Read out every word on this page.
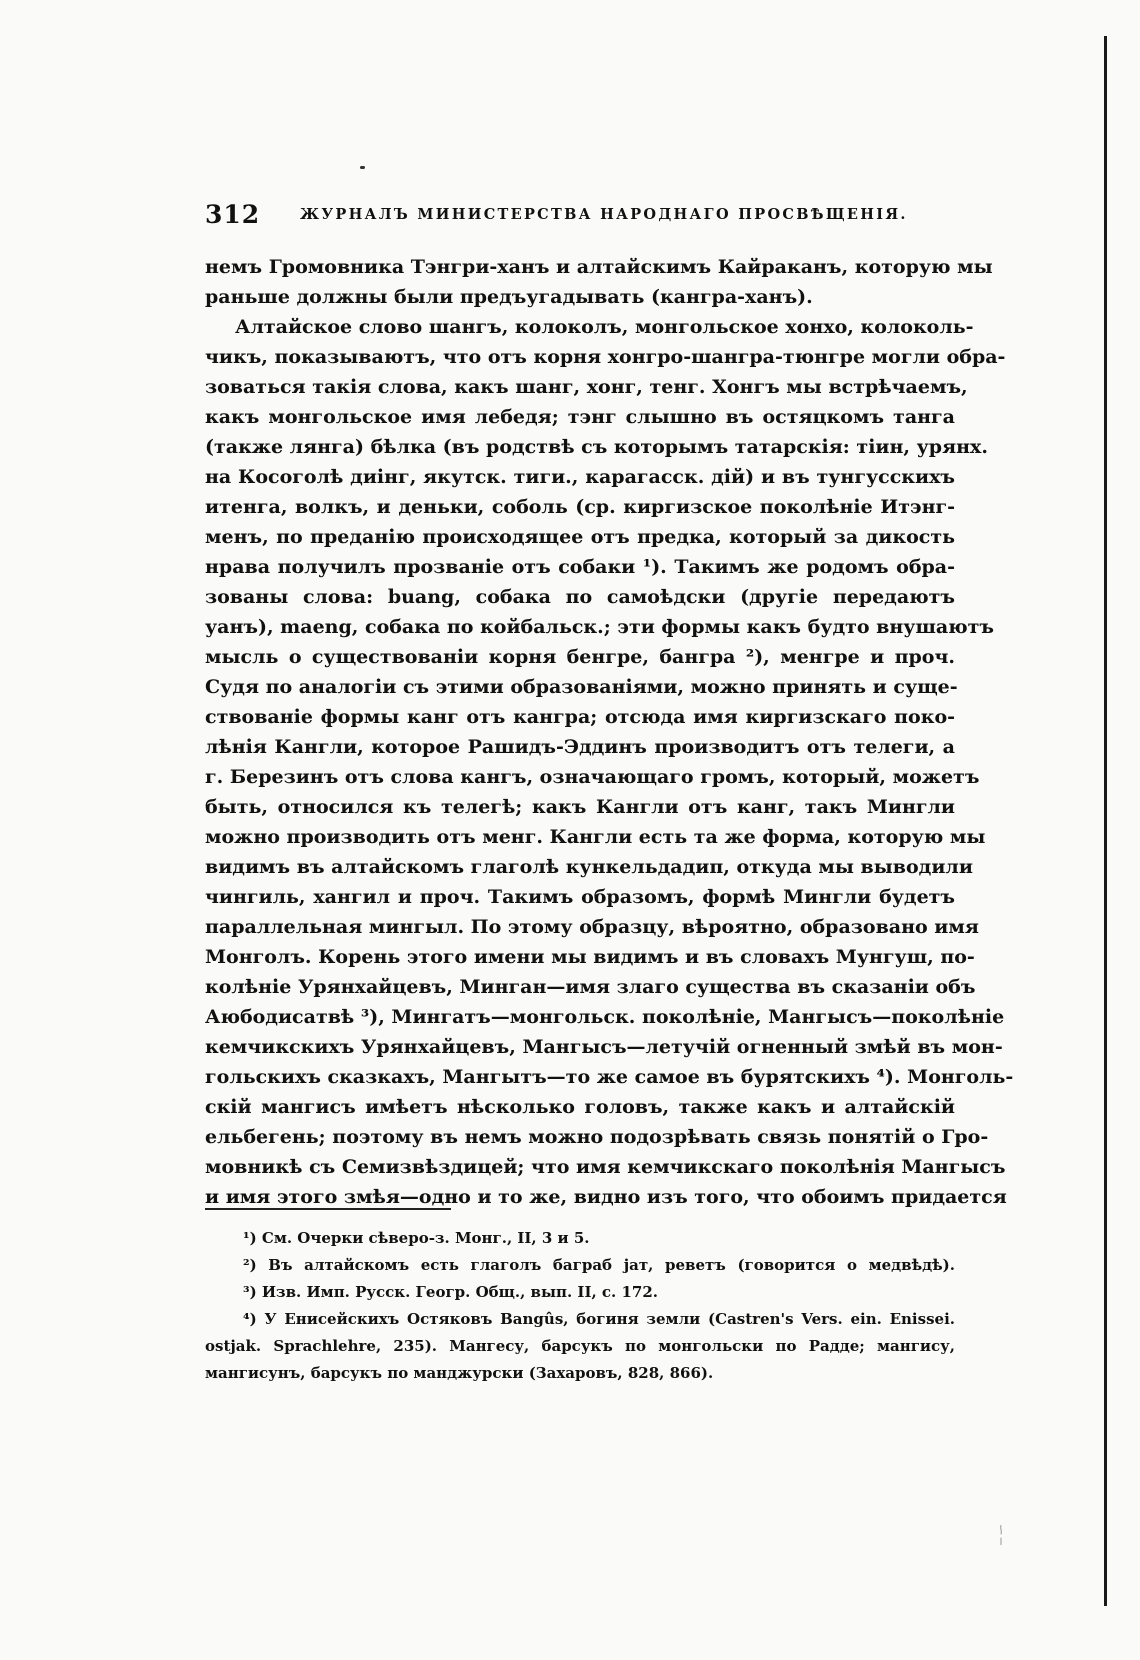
312	ЖУРНАЛЪ МИНИСТЕРСТВА НАРОДНАГО ПРОСВѢЩЕНІЯ.
немъ Громовника Тэнгри-ханъ и алтайскимъ Кайраканъ, которую мы
раньше должны были предъугадывать (кангра-ханъ).
Алтайское слово шангъ, колоколъ, монгольское хонхо, колоколь-
чикъ, показываютъ, что отъ корня хонгро-шангра-тюнгре могли обра-
зоваться такія слова, какъ шанг, хонг, тенг. Хонгъ мы встрѣчаемъ,
какъ монгольское имя лебедя; тэнг слышно въ остяцкомъ танга
(также лянга) бѣлка (въ родствѣ съ которымъ татарскія: тіин, урянх.
на Косоголѣ диінг, якутск. тиги., карагасск. дій) и въ тунгусскихъ
итенга, волкъ, и деньки, соболь (ср. киргизское поколѣніе Итэнг-
менъ, по преданію происходящее отъ предка, который за дикость
нрава получилъ прозваніе отъ собаки ¹). Такимъ же родомъ обра-
зованы слова: buang, собака по самоѣдски (другіе передаютъ
уанъ), maeng, собака по койбальск.; эти формы какъ будто внушаютъ
мысль о существованіи корня бенгре, бангра ²), менгре и проч.
Судя по аналогіи съ этими образованіями, можно принять и суще-
ствованіе формы канг отъ кангра; отсюда имя киргизскаго поко-
лѣнія Кангли, которое Рашидъ-Эддинъ производитъ отъ телеги, а
г. Березинъ отъ слова кангъ, означающаго громъ, который, можетъ
быть, относился къ телегѣ; какъ Кангли отъ канг, такъ Мингли
можно производить отъ менг. Кангли есть та же форма, которую мы
видимъ въ алтайскомъ глаголѣ кункельдадип, откуда мы выводили
чингиль, хангил и проч. Такимъ образомъ, формѣ Мингли будетъ
параллельная мингыл. По этому образцу, вѣроятно, образовано имя
Монголъ. Корень этого имени мы видимъ и въ словахъ Мунгуш, по-
колѣніе Урянхайцевъ, Минган—имя злаго существа въ сказаніи объ
Аюбодисатвѣ ³), Мингатъ—монгольск. поколѣніе, Мангысъ—поколѣніе
кемчикскихъ Урянхайцевъ, Мангысъ—летучій огненный змѣй въ мон-
гольскихъ сказкахъ, Мангытъ—то же самое въ бурятскихъ ⁴). Монголь-
скій мангисъ имѣетъ нѣсколько головъ, также какъ и алтайскій
ельбегень; поэтому въ немъ можно подозрѣвать связь понятій о Гро-
мовникѣ съ Семизвѣздицей; что имя кемчикскаго поколѣнія Мангысъ
и имя этого змѣя—одно и то же, видно изъ того, что обоимъ придается
¹) См. Очерки сѣверо-з. Монг., II, 3 и 5.
²) Въ алтайскомъ есть глаголъ баграб jат, реветъ (говорится о медвѣдѣ).
³) Изв. Имп. Русск. Геогр. Общ., вып. II, с. 172.
⁴) У Енисейскихъ Остяковъ Bangûs, богиня земли (Castren's Vers. ein. Enissei.
ostjak. Sprachlehre, 235). Мангесу, барсукъ по монгольски по Радде; мангису,
мангисунъ, барсукъ по манджурски (Захаровъ, 828, 866).
